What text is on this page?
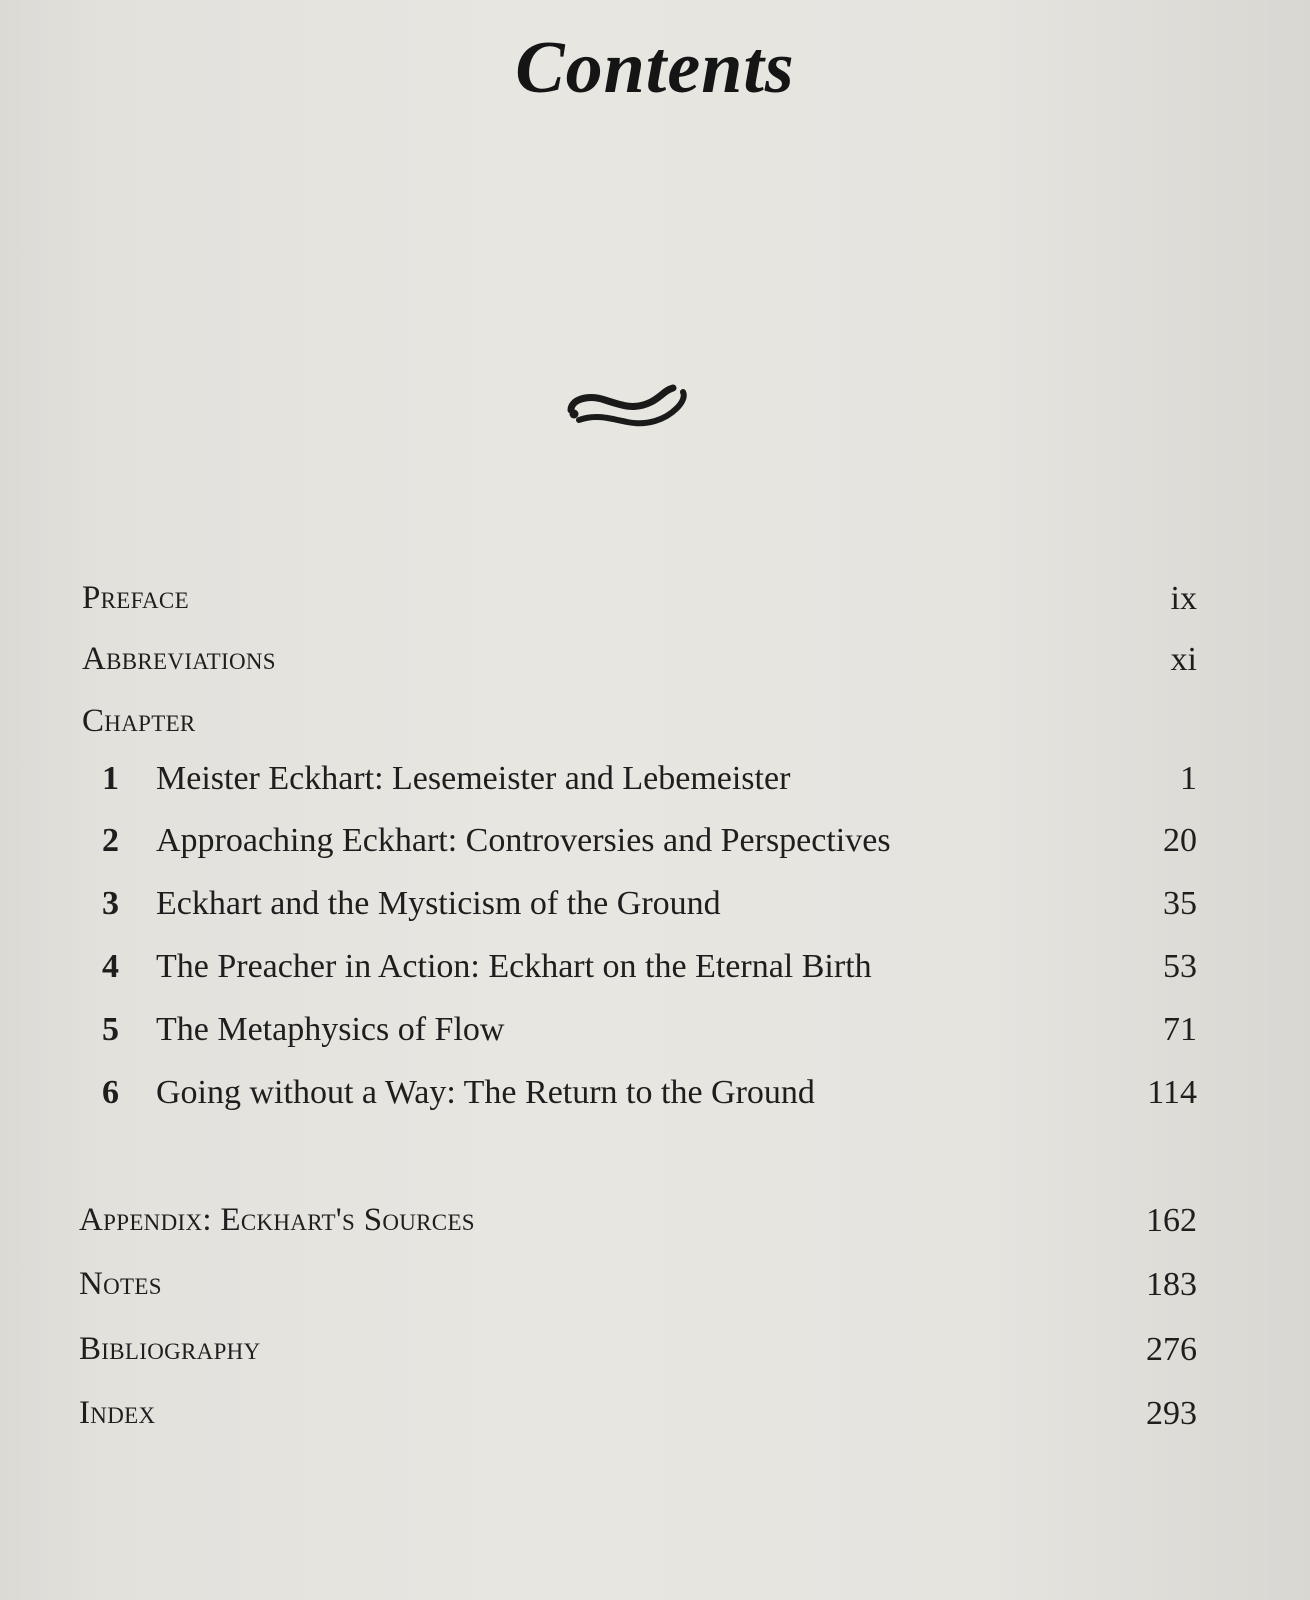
Contents
Preface	ix
Abbreviations	xi
Chapter
1	Meister Eckhart: Lesemeister and Lebemeister	1
2	Approaching Eckhart: Controversies and Perspectives	20
3	Eckhart and the Mysticism of the Ground	35
4	The Preacher in Action: Eckhart on the Eternal Birth	53
5	The Metaphysics of Flow	71
6	Going without a Way: The Return to the Ground	114
Appendix: Eckhart's Sources	162
Notes	183
Bibliography	276
Index	293
